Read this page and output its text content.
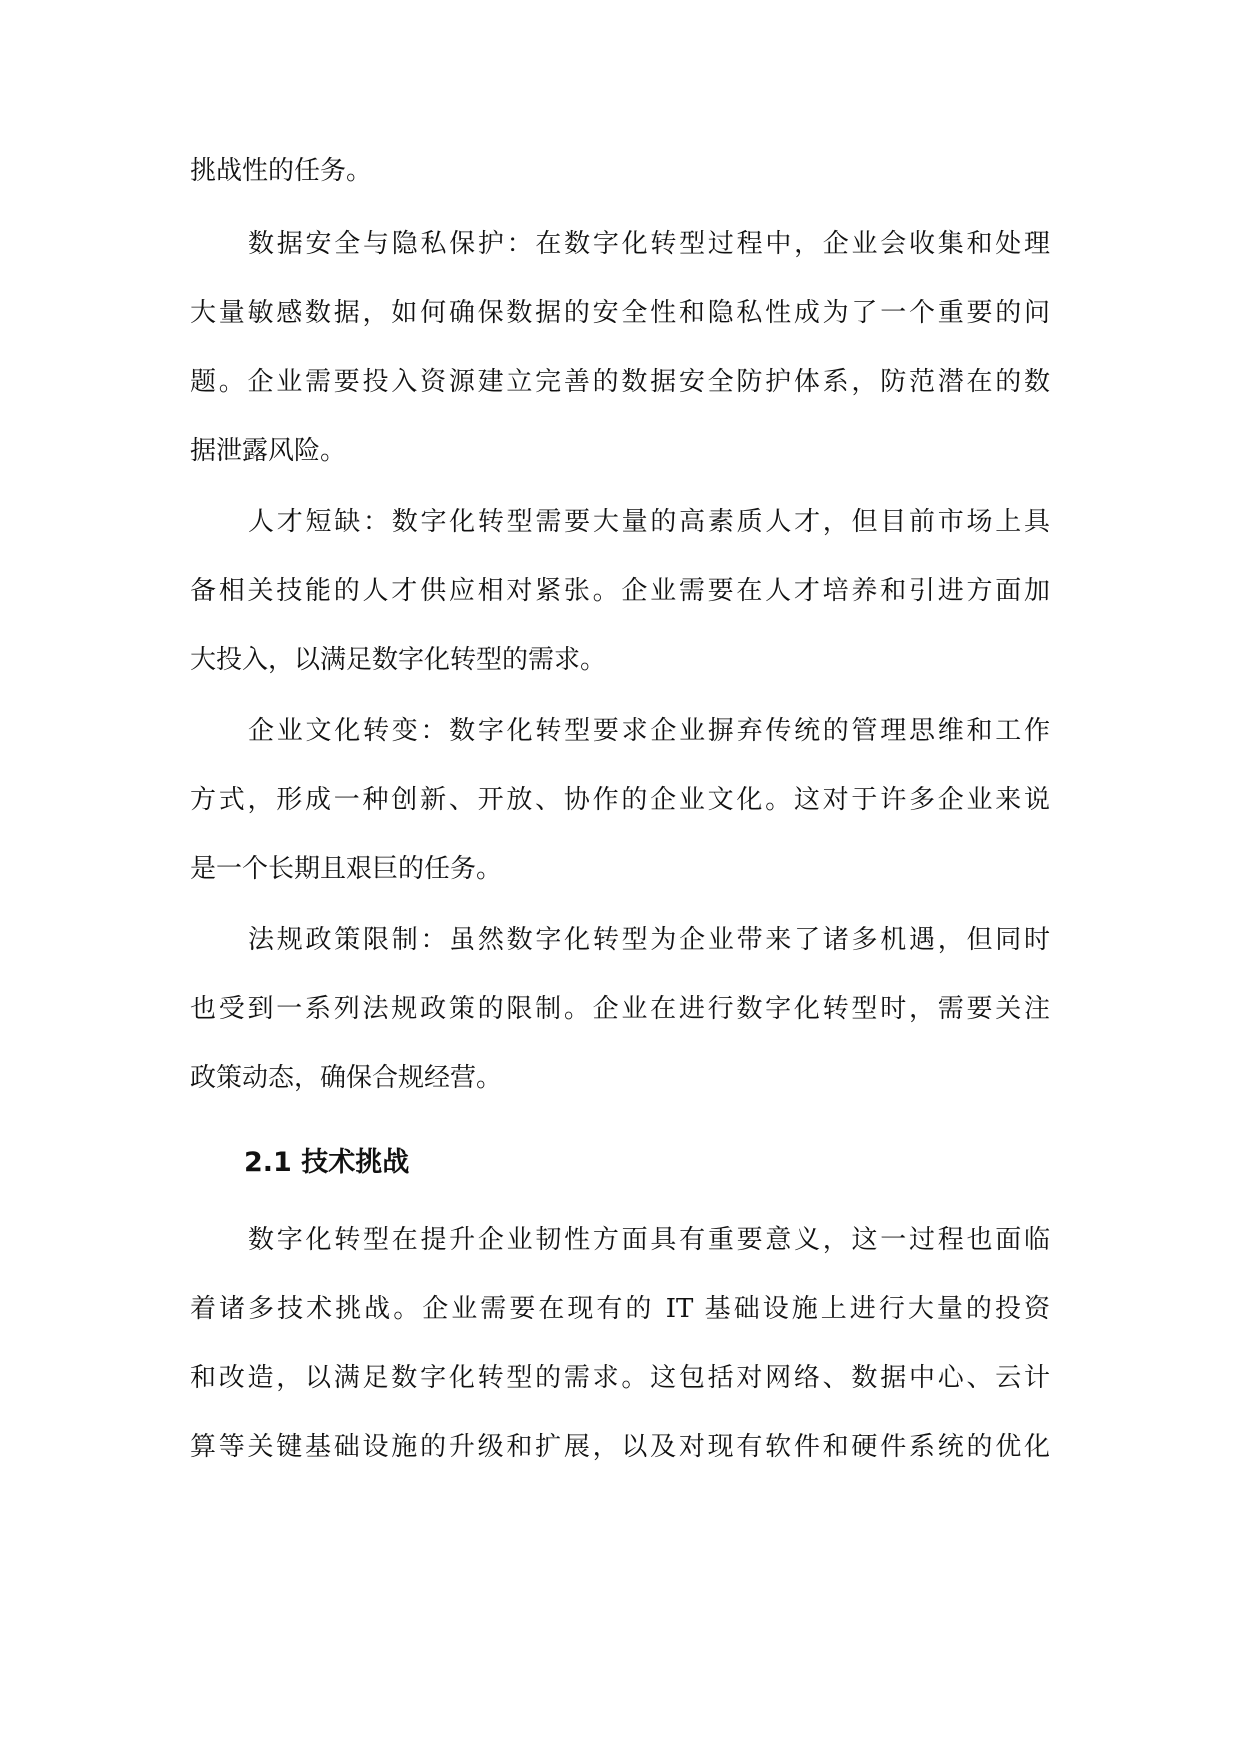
挑战性的任务。
数据安全与隐私保护：在数字化转型过程中，企业会收集和处理
大量敏感数据，如何确保数据的安全性和隐私性成为了一个重要的问
题。企业需要投入资源建立完善的数据安全防护体系，防范潜在的数
据泄露风险。
人才短缺：数字化转型需要大量的高素质人才，但目前市场上具
备相关技能的人才供应相对紧张。企业需要在人才培养和引进方面加
大投入，以满足数字化转型的需求。
企业文化转变：数字化转型要求企业摒弃传统的管理思维和工作
方式，形成一种创新、开放、协作的企业文化。这对于许多企业来说
是一个长期且艰巨的任务。
法规政策限制：虽然数字化转型为企业带来了诸多机遇，但同时
也受到一系列法规政策的限制。企业在进行数字化转型时，需要关注
政策动态，确保合规经营。
2.1 技术挑战
数字化转型在提升企业韧性方面具有重要意义，这一过程也面临
着诸多技术挑战。企业需要在现有的 IT 基础设施上进行大量的投资
和改造，以满足数字化转型的需求。这包括对网络、数据中心、云计
算等关键基础设施的升级和扩展，以及对现有软件和硬件系统的优化
